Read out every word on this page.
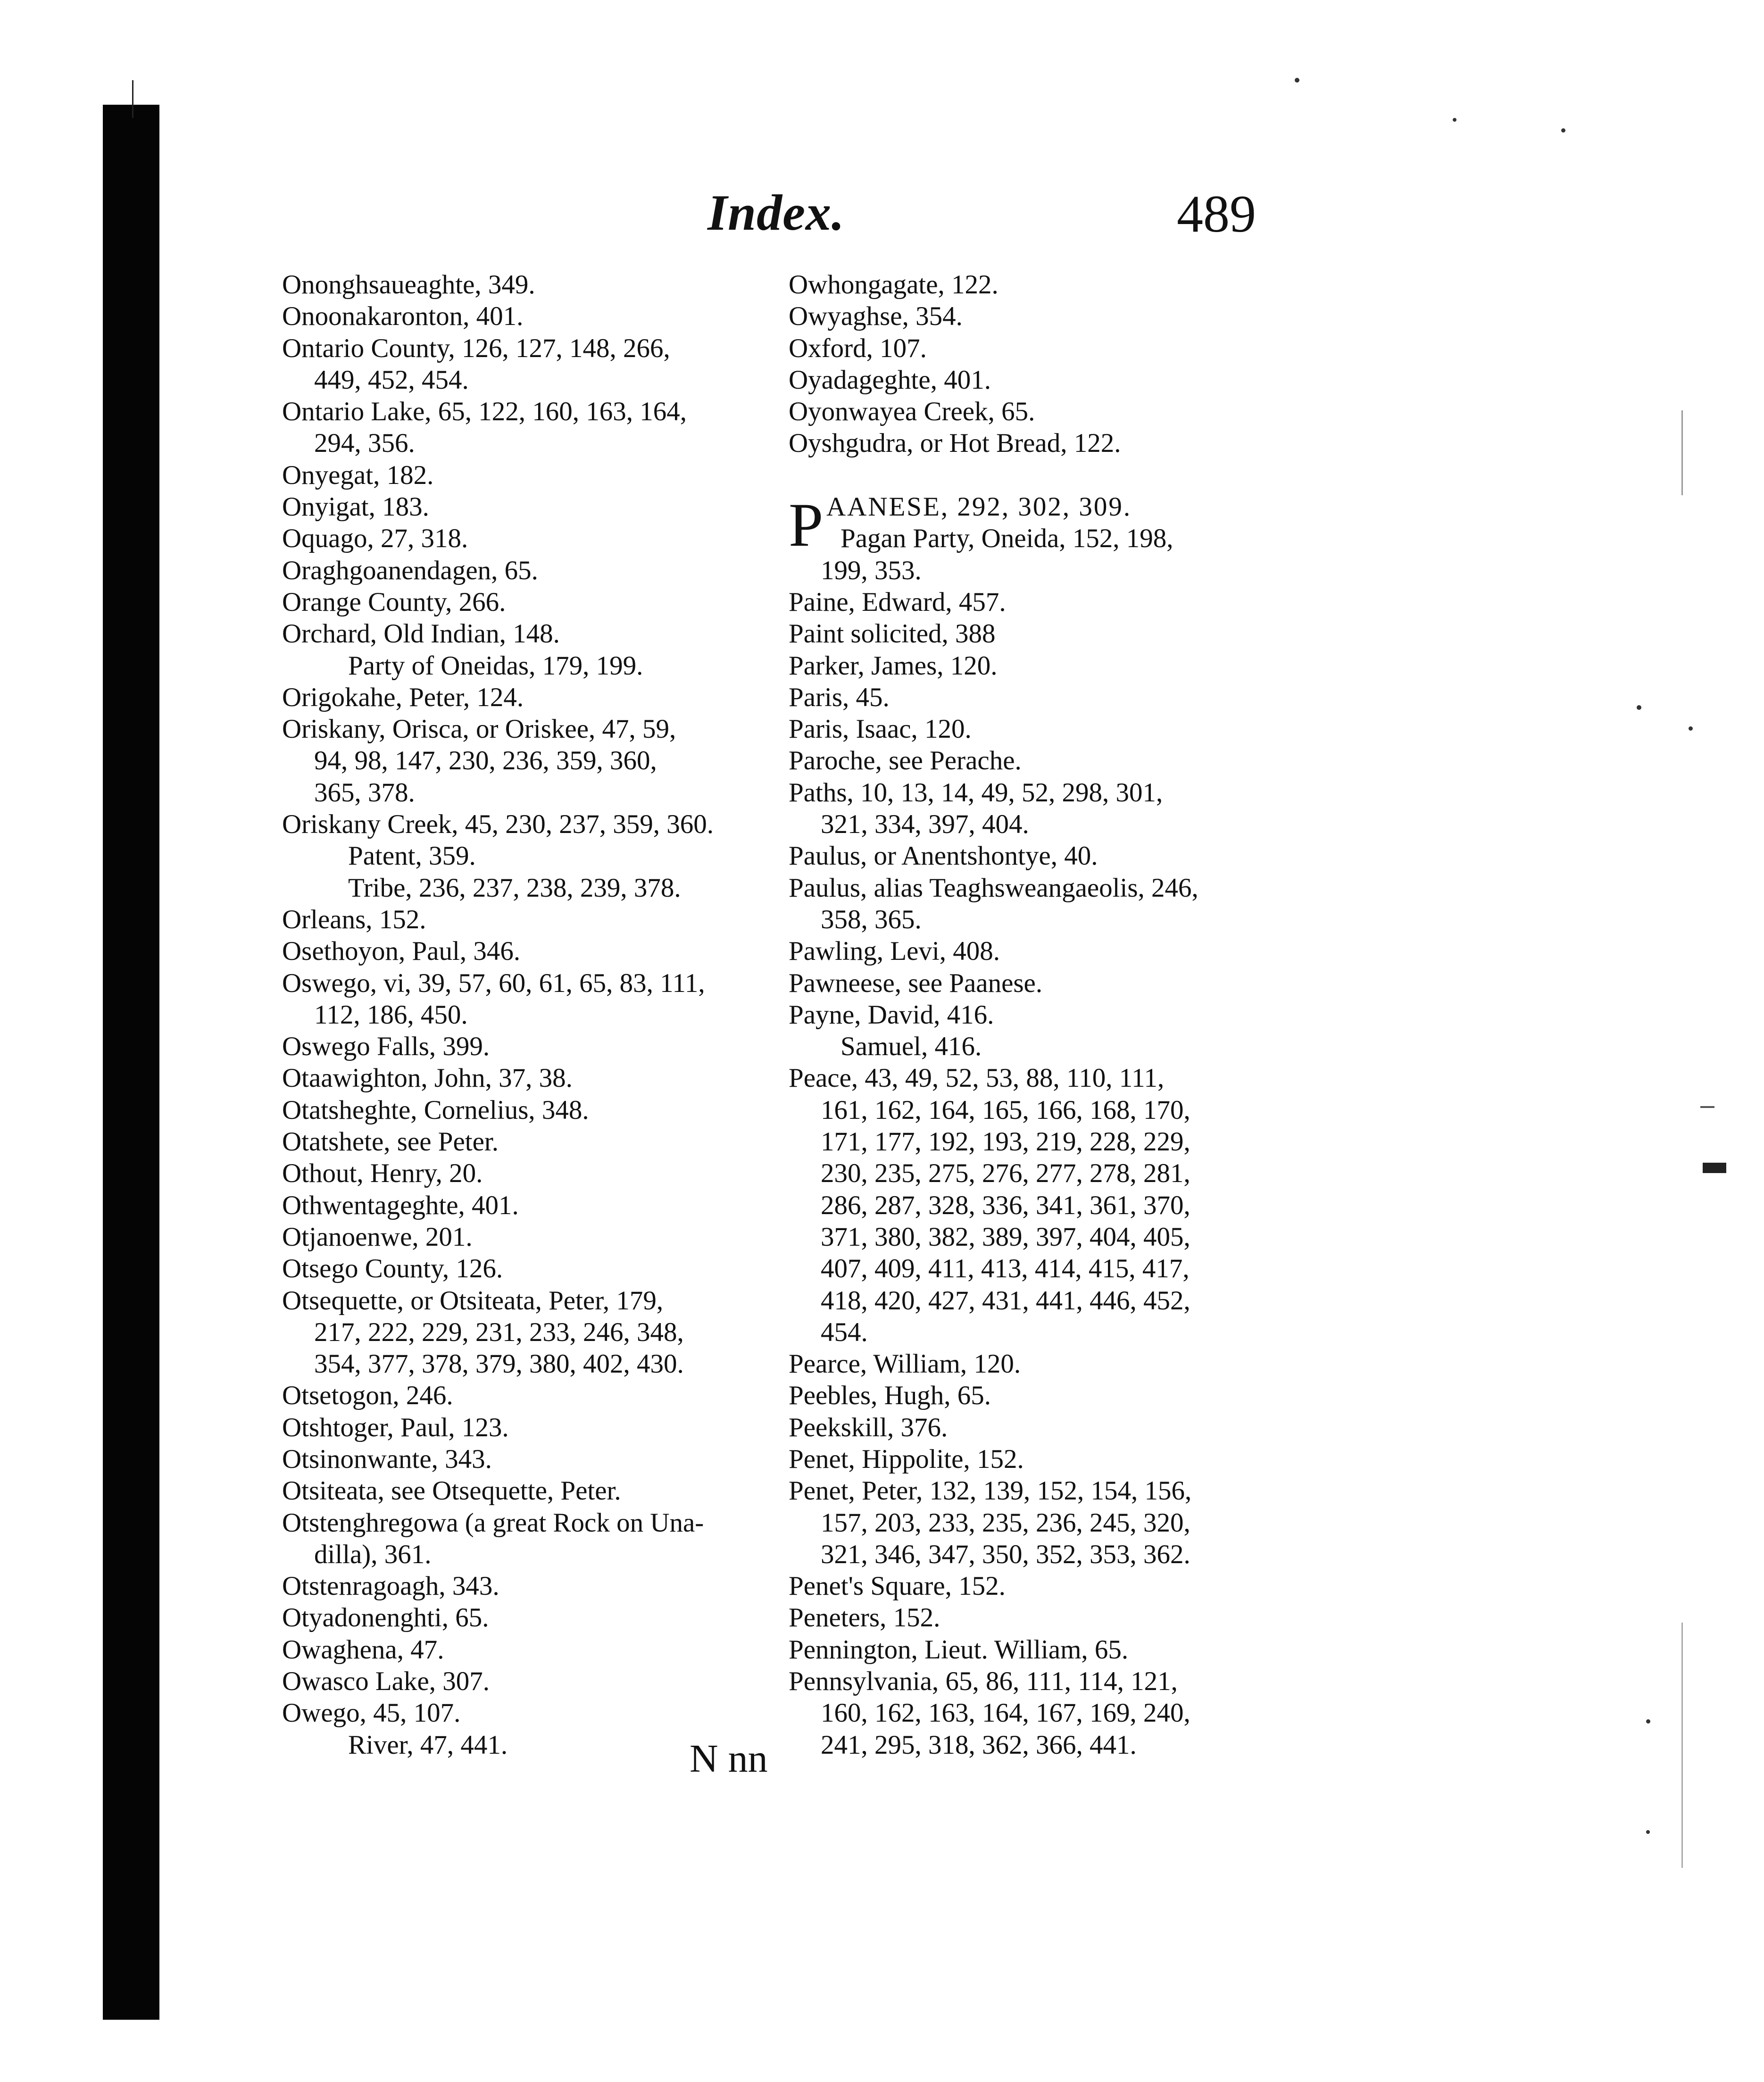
Index.	489
Ononghsaueaghte, 349.
Onoonakaronton, 401.
Ontario County, 126, 127, 148, 266,
449, 452, 454.
Ontario Lake, 65, 122, 160, 163, 164,
294, 356.
Onyegat, 182.
Onyigat, 183.
Oquago, 27, 318.
Oraghgoanendagen, 65.
Orange County, 266.
Orchard, Old Indian, 148.
Party of Oneidas, 179, 199.
Origokahe, Peter, 124.
Oriskany, Orisca, or Oriskee, 47, 59,
94, 98, 147, 230, 236, 359, 360,
365, 378.
Oriskany Creek, 45, 230, 237, 359, 360.
Patent, 359.
Tribe, 236, 237, 238, 239, 378.
Orleans, 152.
Osethoyon, Paul, 346.
Oswego, vi, 39, 57, 60, 61, 65, 83, 111,
112, 186, 450.
Oswego Falls, 399.
Otaawighton, John, 37, 38.
Otatsheghte, Cornelius, 348.
Otatshete, see Peter.
Othout, Henry, 20.
Othwentageghte, 401.
Otjanoenwe, 201.
Otsego County, 126.
Otsequette, or Otsiteata, Peter, 179,
217, 222, 229, 231, 233, 246, 348,
354, 377, 378, 379, 380, 402, 430.
Otsetogon, 246.
Otshtoger, Paul, 123.
Otsinonwante, 343.
Otsiteata, see Otsequette, Peter.
Otstenghregowa (a great Rock on Una-
dilla), 361.
Otstenragoagh, 343.
Otyadonenghti, 65.
Owaghena, 47.
Owasco Lake, 307.
Owego, 45, 107.
River, 47, 441.
Owhongagate, 122.
Owyaghse, 354.
Oxford, 107.
Oyadageghte, 401.
Oyonwayea Creek, 65.
Oyshgudra, or Hot Bread, 122.
P AANESE, 292, 302, 309.
Pagan Party, Oneida, 152, 198,
199, 353.
Paine, Edward, 457.
Paint solicited, 388
Parker, James, 120.
Paris, 45.
Paris, Isaac, 120.
Paroche, see Perache.
Paths, 10, 13, 14, 49, 52, 298, 301,
321, 334, 397, 404.
Paulus, or Anentshontye, 40.
Paulus, alias Teaghsweangaeolis, 246,
358, 365.
Pawling, Levi, 408.
Pawneese, see Paanese.
Payne, David, 416.
Samuel, 416.
Peace, 43, 49, 52, 53, 88, 110, 111,
161, 162, 164, 165, 166, 168, 170,
171, 177, 192, 193, 219, 228, 229,
230, 235, 275, 276, 277, 278, 281,
286, 287, 328, 336, 341, 361, 370,
371, 380, 382, 389, 397, 404, 405,
407, 409, 411, 413, 414, 415, 417,
418, 420, 427, 431, 441, 446, 452,
454.
Pearce, William, 120.
Peebles, Hugh, 65.
Peekskill, 376.
Penet, Hippolite, 152.
Penet, Peter, 132, 139, 152, 154, 156,
157, 203, 233, 235, 236, 245, 320,
321, 346, 347, 350, 352, 353, 362.
Penet's Square, 152.
Peneters, 152.
Pennington, Lieut. William, 65.
Pennsylvania, 65, 86, 111, 114, 121,
160, 162, 163, 164, 167, 169, 240,
241, 295, 318, 362, 366, 441.
N nn
